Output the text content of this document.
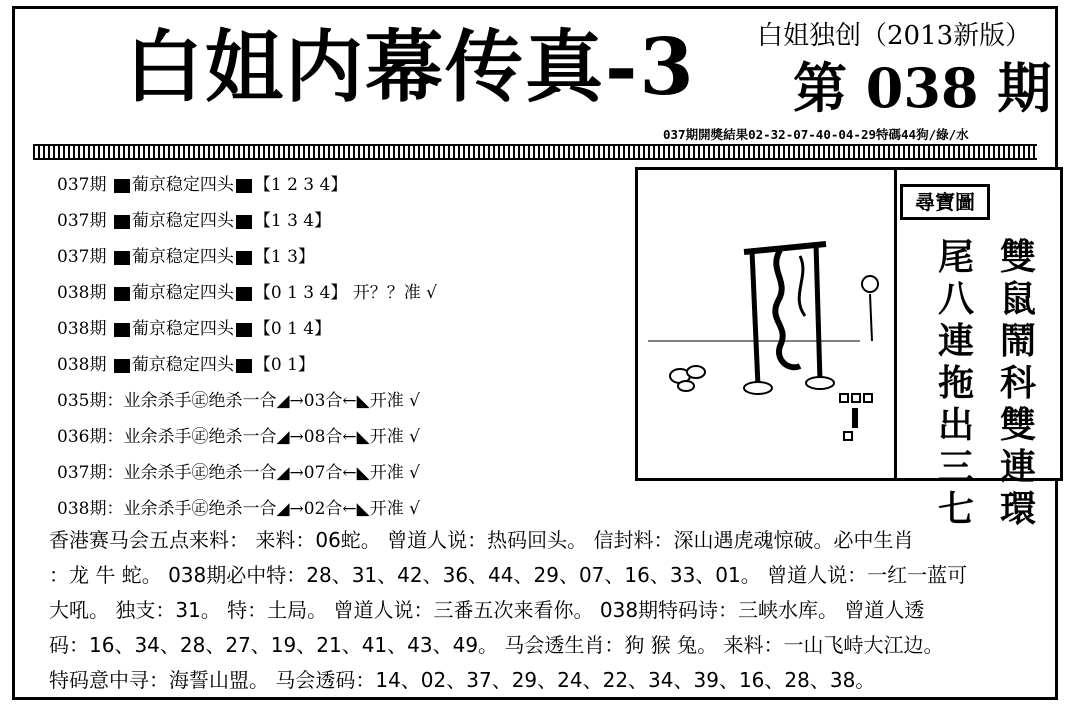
白姐内幕传真-3 白姐独创（2013新版）
第 038 期
037期開獎結果02-32-07-40-04-29特碼44狗/綠/水
037期 葡京稳定四头 【1 2 3 4】
037期 葡京稳定四头 【1 3 4】
037期 葡京稳定四头 【1 3】
038期 葡京稳定四头 【0 1 3 4】 开？？准 √
038期 葡京稳定四头 【0 1 4】
038期 葡京稳定四头 【0 1】
035期：业余杀手㊣绝杀一合◢→03合←◣开准 √
036期：业余杀手㊣绝杀一合◢→08合←◣开准 √
037期：业余杀手㊣绝杀一合◢→07合←◣开准 √
038期：业余杀手㊣绝杀一合◢→02合←◣开准 √
尋寶圖
雙
鼠
鬧
科
雙
連
環
尾
八
連
拖
出
三
七

香港赛马会五点来料： 来料：06蛇。 曾道人说：热码回头。 信封料：深山遇虎魂惊破。必中生肖

：龙 牛 蛇。 038期必中特：28、31、42、36、44、29、07、16、33、01。 曾道人说：一红一蓝可

大吼。 独支：31。 特：土局。 曾道人说：三番五次来看你。 038期特码诗：三峡水库。 曾道人透

码：16、34、28、27、19、21、41、43、49。 马会透生肖：狗 猴 兔。 来料：一山飞峙大江边。

特码意中寻：海誓山盟。 马会透码：14、02、37、29、24、22、34、39、16、28、38。
